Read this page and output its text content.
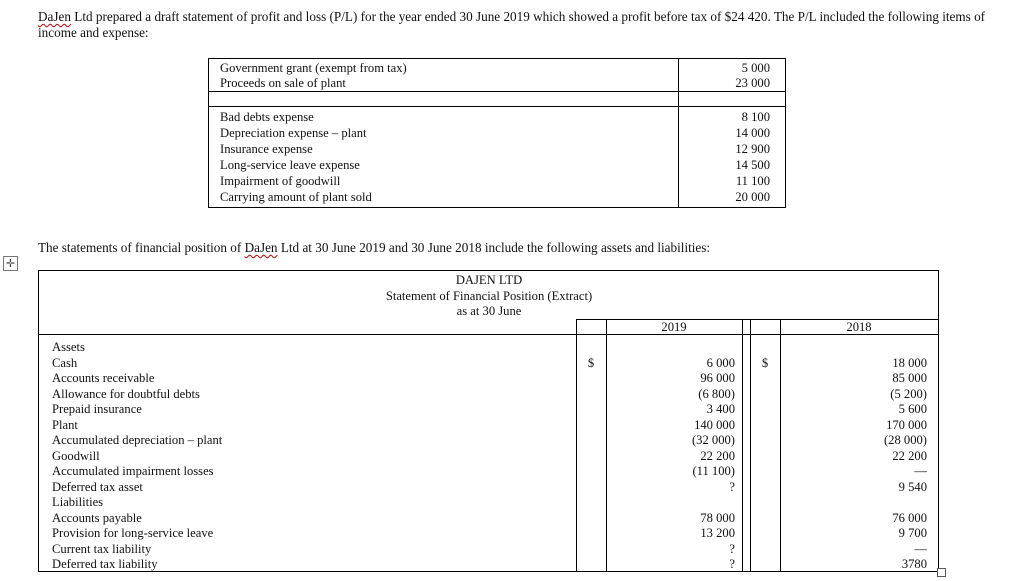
DaJen Ltd prepared a draft statement of profit and loss (P/L) for the year ended 30 June 2019 which showed a profit before tax of $24 420. The P/L included the following items of income and expense:
Government grant (exempt from tax)	5 000
Proceeds on sale of plant	23 000
Bad debts expense	8 100
Depreciation expense – plant	14 000
Insurance expense	12 900
Long-service leave expense	14 500
Impairment of goodwill	11 100
Carrying amount of plant sold	20 000
The statements of financial position of DaJen Ltd at 30 June 2019 and 30 June 2018 include the following assets and liabilities:
✛
DAJEN LTD
Statement of Financial Position (Extract)
as at 30 June
2019	2018
$	$
Assets
Cash	6 000	18 000
Accounts receivable	96 000	85 000
Allowance for doubtful debts	(6 800)	(5 200)
Prepaid insurance	3 400	5 600
Plant	140 000	170 000
Accumulated depreciation – plant	(32 000)	(28 000)
Goodwill	22 200	22 200
Accumulated impairment losses	(11 100)	—
Deferred tax asset	?	9 540
Liabilities
Accounts payable	78 000	76 000
Provision for long-service leave	13 200	9 700
Current tax liability	?	—
Deferred tax liability	?	3780
